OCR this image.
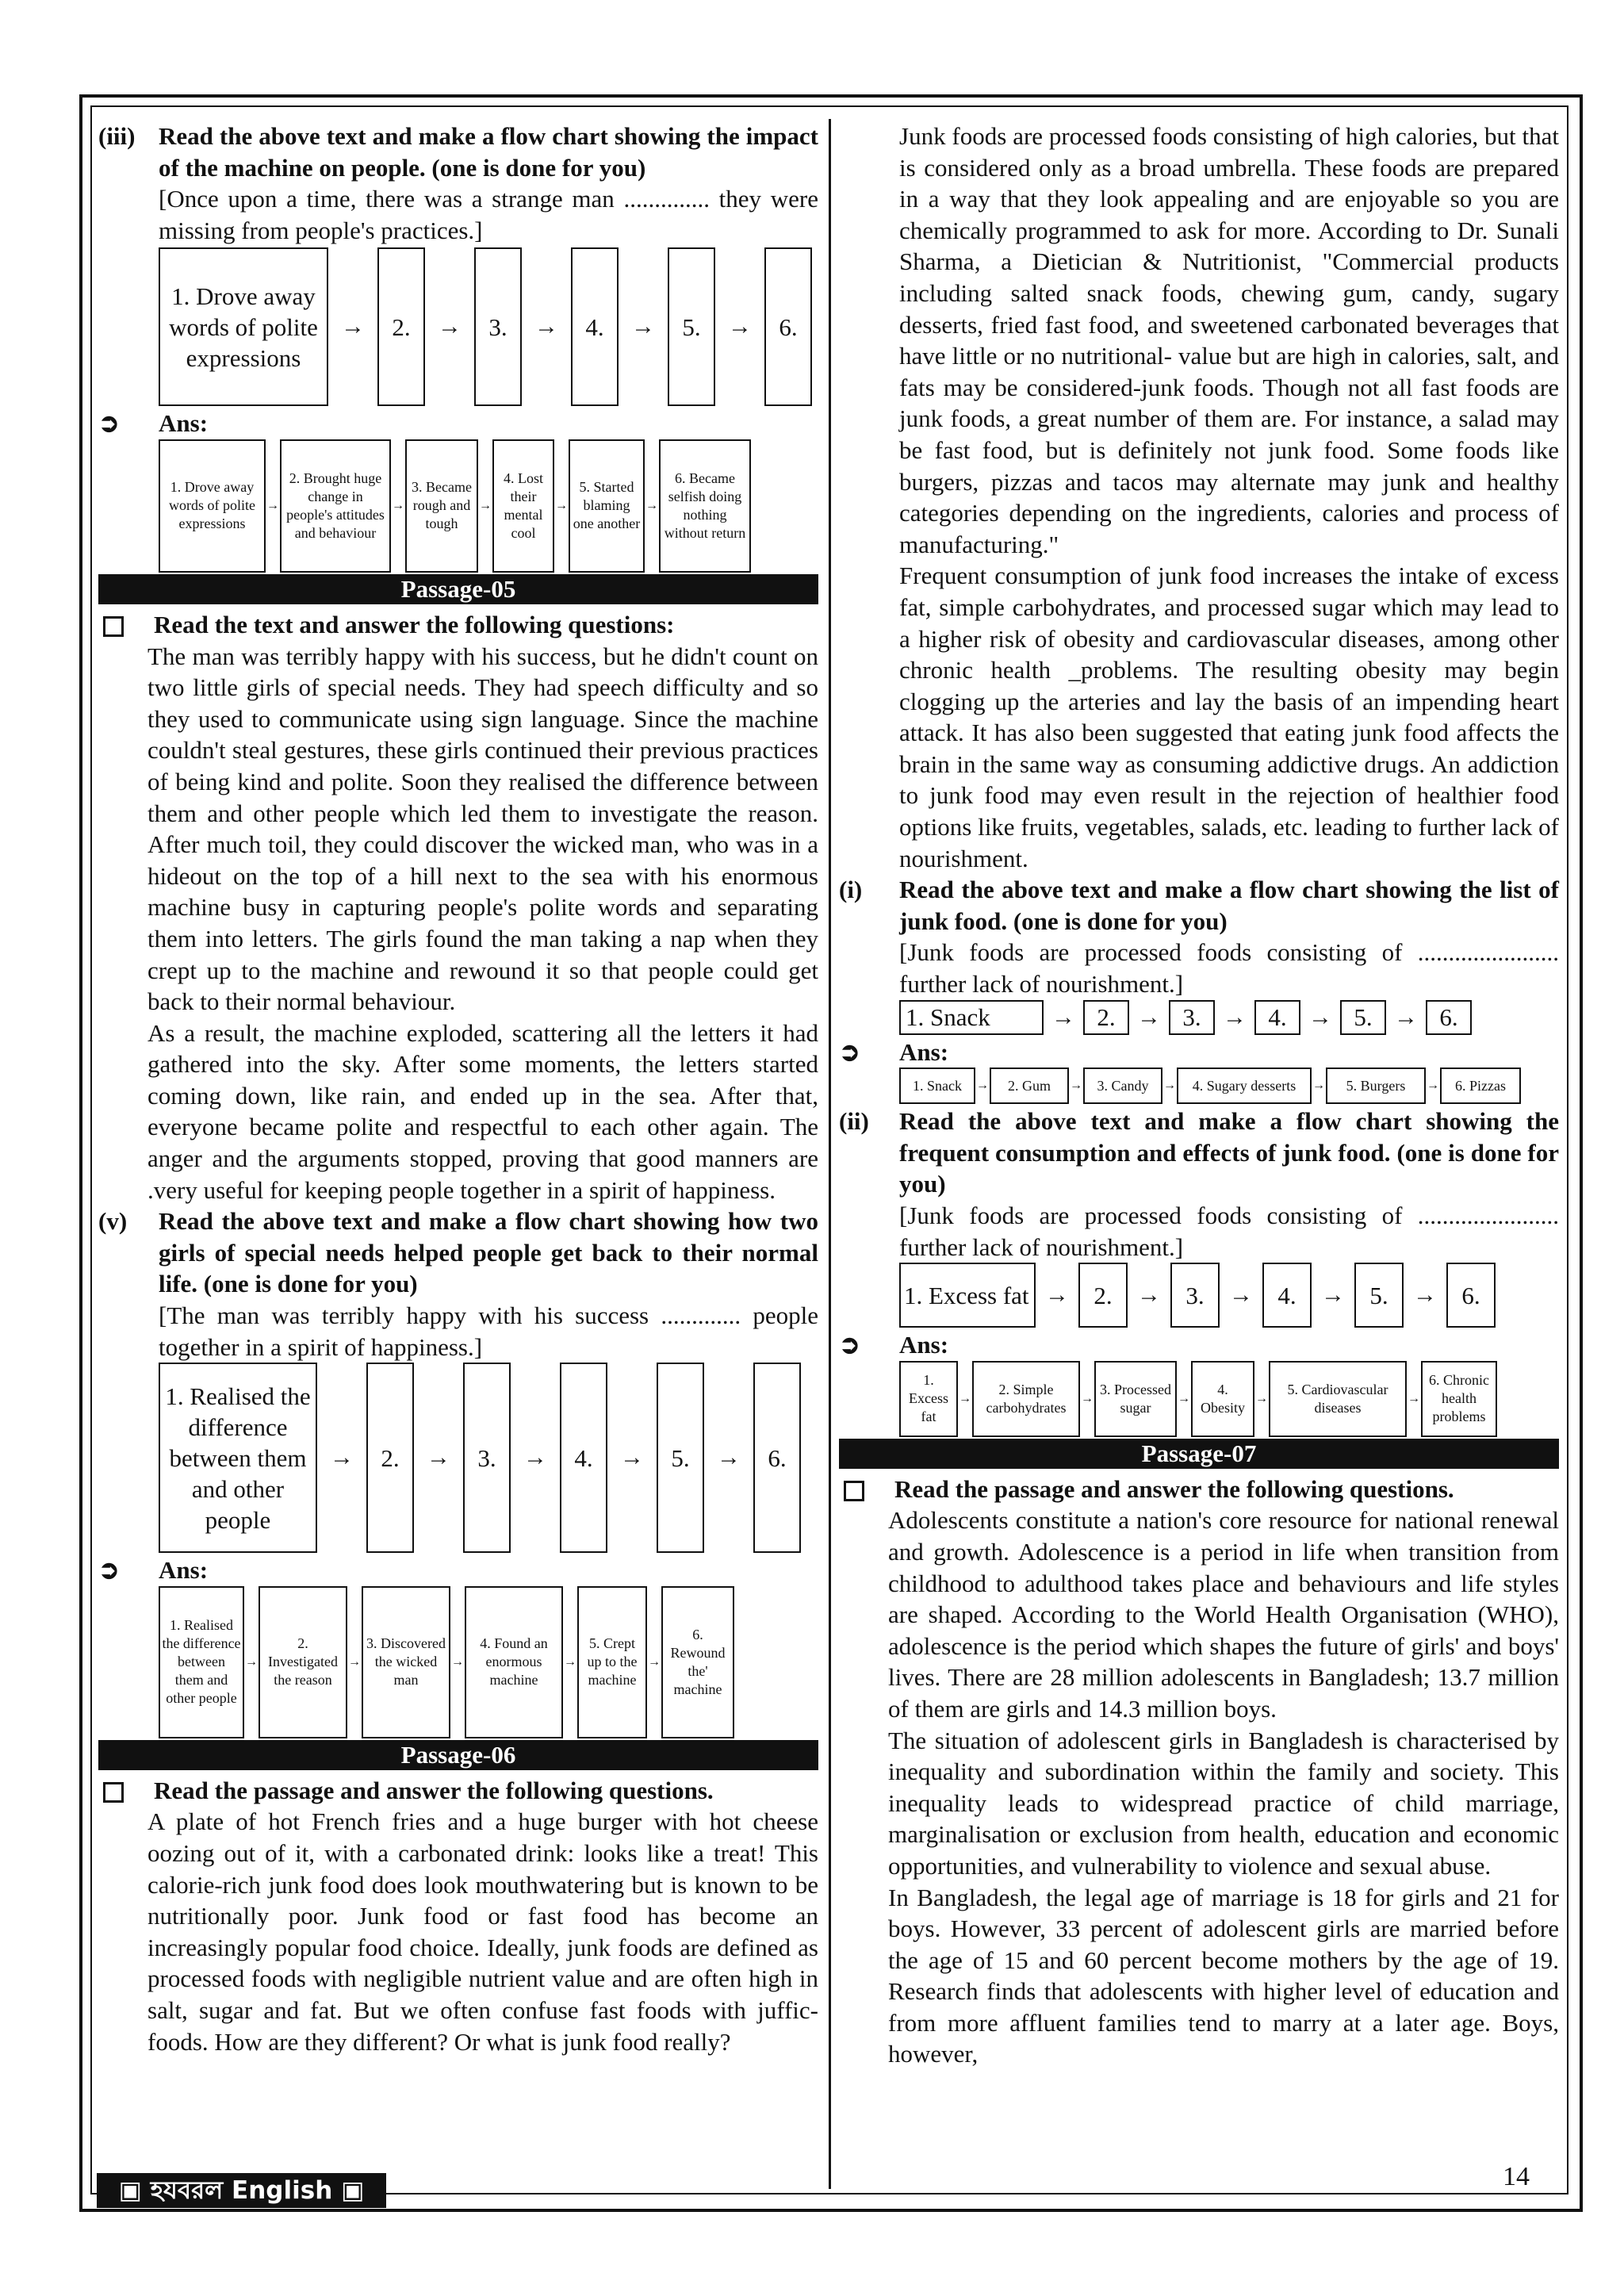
(iii) Read the above text and make a flow chart showing the impact of the machine on people. (one is done for you)

[Once upon a time, there was a strange man .............. they were missing from people's practices.]

1. Drove away words of polite expressions
→	2.	→	3.	→	4.	→	5.	→	6.
➲	Ans:
1. Drove away words of polite expressions
→
2. Brought huge change in people's attitudes and behaviour
→
3. Became rough and tough
→
4. Lost their mental cool
→
5. Started blaming one another
→
6. Became selfish doing nothing without return
Passage-05
Read the text and answer the following questions:

The man was terribly happy with his success, but he didn't count on two little girls of special needs. They had speech difficulty and so they used to communicate using sign language. Since the machine couldn't steal gestures, these girls continued their previous practices of being kind and polite. Soon they realised the difference between them and other people which led them to investigate the reason. After much toil, they could discover the wicked man, who was in a hideout on the top of a hill next to the sea with his enormous machine busy in capturing people's polite words and separating them into letters. The girls found the man taking a nap when they crept up to the machine and rewound it so that people could get back to their normal behaviour.

As a result, the machine exploded, scattering all the letters it had gathered into the sky. After some moments, the letters started coming down, like rain, and ended up in the sea. After that, everyone became polite and respectful to each other again. The anger and the arguments stopped, proving that good manners are .very useful for keeping people together in a spirit of happiness.

(v)	Read the above text and make a flow chart showing how two girls of special needs helped people get back to their normal life. (one is done for you)

[The man was terribly happy with his success ............. people together in a spirit of happiness.]

1. Realised the difference between them and other people
→	2.	→	3.	→	4.	→	5.	→	6.
➲	Ans:
1. Realised the difference between them and other people
→
2. Investigated the reason
→
3. Discovered the wicked man
→
4. Found an enormous machine
→
5. Crept up to the machine
→
6. Rewound the' machine
Passage-06
Read the passage and answer the following questions.

A plate of hot French fries and a huge burger with hot cheese oozing out of it, with a carbonated drink: looks like a treat! This calorie-rich junk food does look mouthwatering but is known to be nutritionally poor. Junk food or fast food has become an increasingly popular food choice. Ideally, junk foods are defined as processed foods with negligible nutrient value and are often high in salt, sugar and fat. But we often confuse fast foods with juffic-foods. How are they different? Or what is junk food really?

Junk foods are processed foods consisting of high calories, but that is considered only as a broad umbrella. These foods are prepared in a way that they look appealing and are enjoyable so you are chemically programmed to ask for more. According to Dr. Sunali Sharma, a Dietician & Nutritionist, "Commercial products including salted snack foods, chewing gum, candy, sugary desserts, fried fast food, and sweetened carbonated beverages that have little or no nutritional- value but are high in calories, salt, and fats may be considered-junk foods. Though not all fast foods are junk foods, a great number of them are. For instance, a salad may be fast food, but is definitely not junk food. Some foods like burgers, pizzas and tacos may alternate may junk and healthy categories depending on the ingredients, calories and process of manufacturing."

Frequent consumption of junk food increases the intake of excess fat, simple carbohydrates, and processed sugar which may lead to a higher risk of obesity and cardiovascular diseases, among other chronic health _problems. The resulting obesity may begin clogging up the arteries and lay the basis of an impending heart attack. It has also been suggested that eating junk food affects the brain in the same way as consuming addictive drugs. An addiction to junk food may even result in the rejection of healthier food options like fruits, vegetables, salads, etc. leading to further lack of nourishment.

(i)	Read the above text and make a flow chart showing the list of junk food. (one is done for you)

[Junk foods are processed foods consisting of ....................... further lack of nourishment.]

1. Snack	→ 2. → 3. → 4. → 5. → 6.
➲	Ans:
1. Snack	→	2. Gum	→	3. Candy	→	4. Sugary desserts	→	5. Burgers	→	6. Pizzas
(ii)	Read the above text and make a flow chart showing the frequent consumption and effects of junk food. (one is done for you)

[Junk foods are processed foods consisting of ....................... further lack of nourishment.]

1. Excess fat →	2.	→	3.	→	4.	→	5.	→	6.
➲	Ans:
1. Excess fat
→
2. Simple carbohydrates
→
3. Processed sugar
→
4. Obesity
→
5. Cardiovascular diseases
→
6. Chronic health problems
Passage-07
Read the passage and answer the following questions.

Adolescents constitute a nation's core resource for national renewal and growth. Adolescence is a period in life when transition from childhood to adulthood takes place and behaviours and life styles are shaped. According to the World Health Organisation (WHO), adolescence is the period which shapes the future of girls' and boys' lives. There are 28 million adolescents in Bangladesh; 13.7 million of them are girls and 14.3 million boys.

The situation of adolescent girls in Bangladesh is characterised by inequality and subordination within the family and society. This inequality leads to widespread practice of child marriage, marginalisation or exclusion from health, education and economic opportunities, and vulnerability to violence and sexual abuse.

In Bangladesh, the legal age of marriage is 18 for girls and 21 for boys. However, 33 percent of adolescent girls are married before the age of 15 and 60 percent become mothers by the age of 19. Research finds that adolescents with higher level of education and from more affluent families tend to marry at a later age. Boys, however,

▣ হযবরল English ▣	14
